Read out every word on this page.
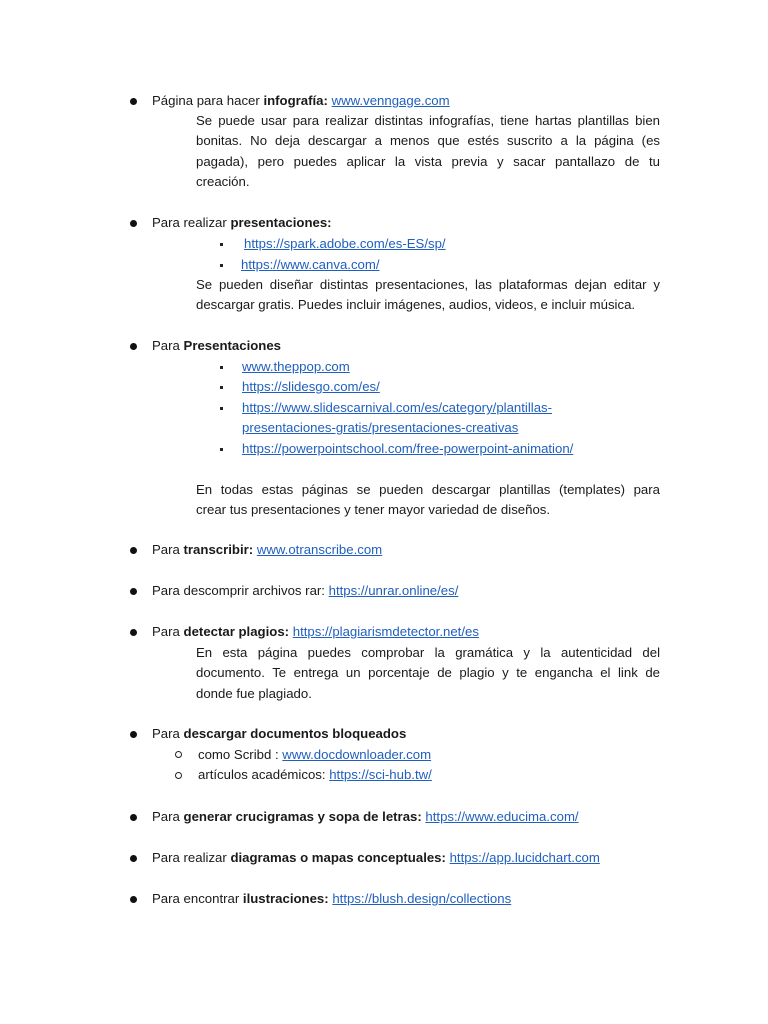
Página para hacer infografía: www.venngage.com

Se puede usar para realizar distintas infografías, tiene hartas plantillas bien

bonitas. No deja descargar a menos que estés suscrito a la página (es

pagada), pero puedes aplicar la vista previa y sacar pantallazo de tu

creación.

Para realizar presentaciones:
https://spark.adobe.com/es-ES/sp/
https://www.canva.com/

Se pueden diseñar distintas presentaciones, las plataformas dejan editar y

descargar gratis. Puedes incluir imágenes, audios, videos, e incluir música.

Para Presentaciones
www.theppop.com
https://slidesgo.com/es/
https://www.slidescarnival.com/es/category/plantillas-
presentaciones-gratis/presentaciones-creativas
https://powerpointschool.com/free-powerpoint-animation/

En todas estas páginas se pueden descargar plantillas (templates) para

crear tus presentaciones y tener mayor variedad de diseños.

Para transcribir: www.otranscribe.com
Para descomprir archivos rar: https://unrar.online/es/
Para detectar plagios: https://plagiarismdetector.net/es

En esta página puedes comprobar la gramática y la autenticidad del

documento. Te entrega un porcentaje de plagio y te engancha el link de

donde fue plagiado.

Para descargar documentos bloqueados
como Scribd : www.docdownloader.com
artículos académicos: https://sci-hub.tw/
Para generar crucigramas y sopa de letras: https://www.educima.com/
Para realizar diagramas o mapas conceptuales: https://app.lucidchart.com
Para encontrar ilustraciones: https://blush.design/collections
